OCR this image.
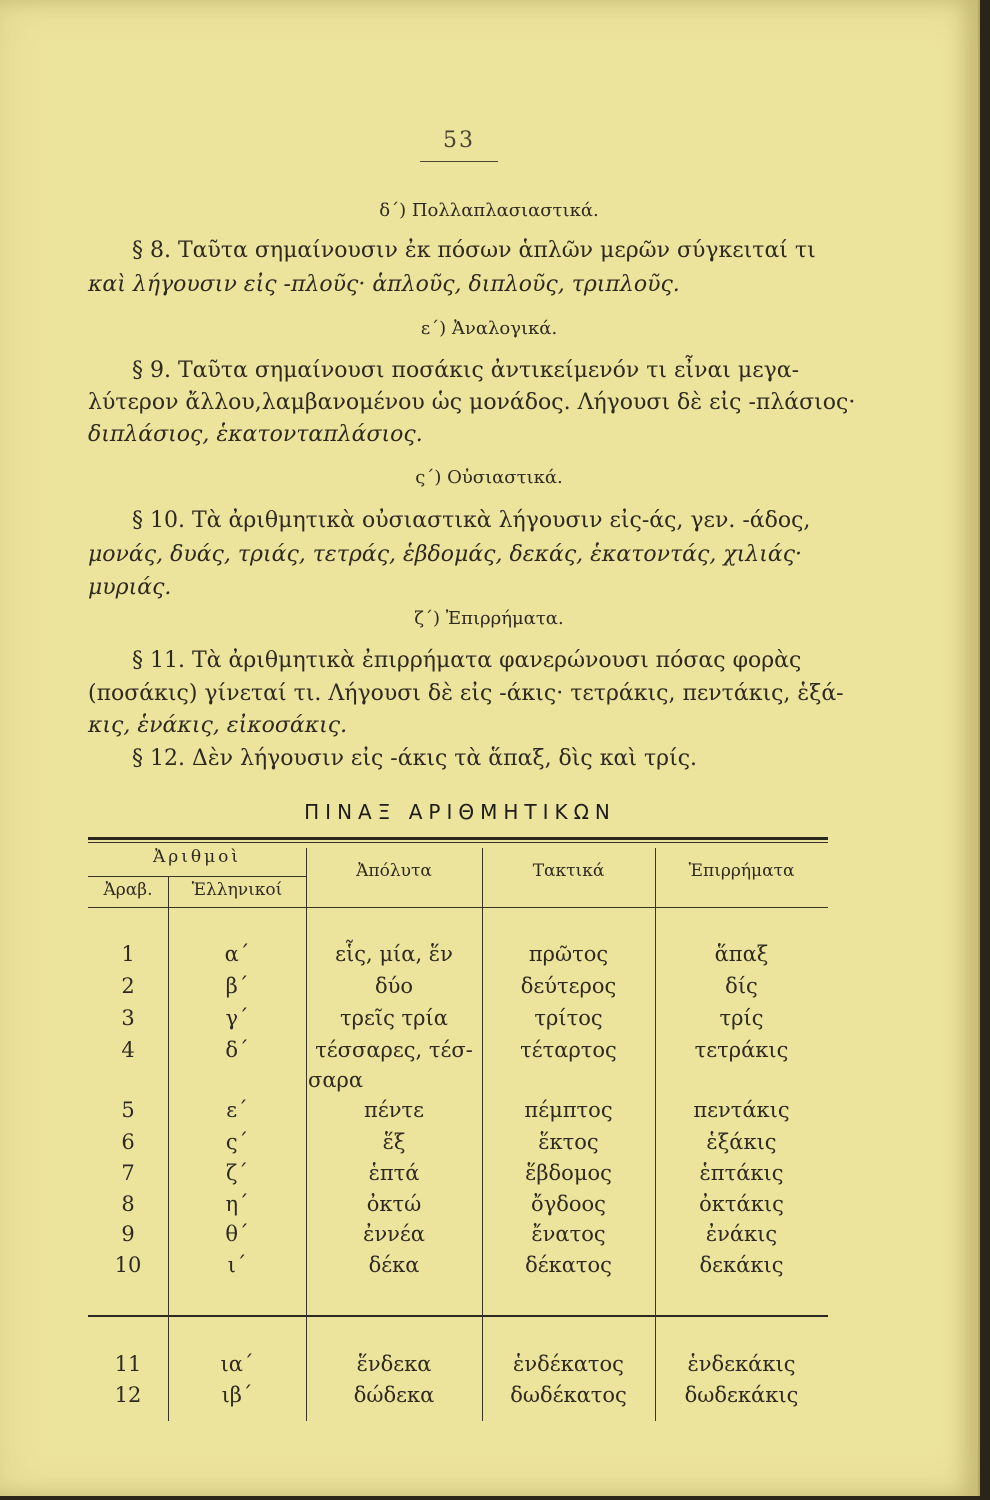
53
δ΄) Πολλαπλασιαστικά.
§ 8. Ταῦτα σημαίνουσιν ἐκ πόσων ἁπλῶν μερῶν σύγκειταί τι
καὶ λήγουσιν εἰς -πλοῦς· ἁπλοῦς, διπλοῦς, τριπλοῦς.
ε΄) Ἀναλογικά.
§ 9. Ταῦτα σημαίνουσι ποσάκις ἀντικείμενόν τι εἶναι μεγα-
λύτερον ἄλλου,λαμβανομένου ὡς μονάδος. Λήγουσι δὲ εἰς -πλάσιος·
διπλάσιος, ἑκατονταπλάσιος.
ς΄) Οὐσιαστικά.
§ 10. Τὰ ἀριθμητικὰ οὐσιαστικὰ λήγουσιν εἰς-άς, γεν. -άδος,
μονάς, δυάς, τριάς, τετράς, ἑβδομάς, δεκάς, ἑκατοντάς, χιλιάς·
μυριάς.
ζ΄) Ἐπιρρήματα.
§ 11. Τὰ ἀριθμητικὰ ἐπιρρήματα φανερώνουσι πόσας φορὰς
(ποσάκις) γίνεταί τι. Λήγουσι δὲ εἰς -άκις· τετράκις, πεντάκις, ἑξά-
κις, ἑνάκις, εἰκοσάκις.
§ 12. Δὲν λήγουσιν εἰς -άκις τὰ ἅπαξ, δὶς καὶ τρίς.
ΠΙΝΑΞ ΑΡΙΘΜΗΤΙΚΩΝ
Ἀριθμοὶ
Ἀραβ.	Ἑλληνικοί
Ἀπόλυτα	Τακτικά	Ἐπιρρήματα
1	α΄	εἷς, μία, ἕν	πρῶτος	ἅπαξ
2	β΄	δύο	δεύτερος	δίς
3	γ΄	τρεῖς τρία	τρίτος	τρίς
4	δ΄	τέσσαρες, τέσ-	τέταρτος	τετράκις
σαρα
5	ε΄	πέντε	πέμπτος	πεντάκις
6	ς΄	ἕξ	ἕκτος	ἑξάκις
7	ζ΄	ἑπτά	ἕβδομος	ἑπτάκις
8	η΄	ὀκτώ	ὄγδοος	ὀκτάκις
9	θ΄	ἐννέα	ἔνατος	ἐνάκις
10	ι΄	δέκα	δέκατος	δεκάκις
11	ια΄	ἕνδεκα	ἑνδέκατος	ἑνδεκάκις
12	ιβ΄	δώδεκα	δωδέκατος	δωδεκάκις
